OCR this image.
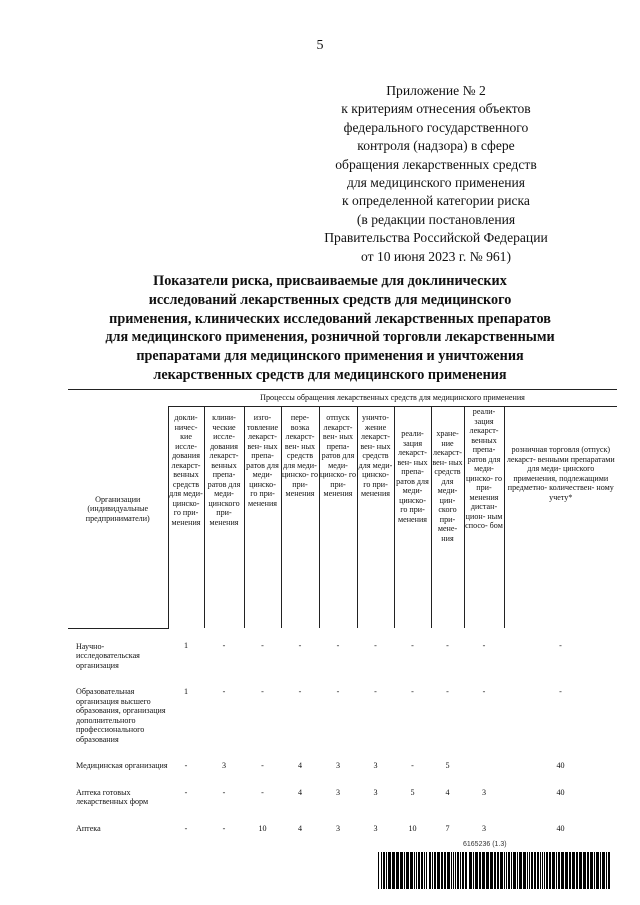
5
Приложение № 2
к критериям отнесения объектов
федерального государственного
контроля (надзора) в сфере
обращения лекарственных средств
для медицинского применения
к определенной категории риска
(в редакции постановления
Правительства Российской Федерации
от 10 июня 2023 г. № 961)
Показатели риска, присваиваемые для доклинических
исследований лекарственных средств для медицинского
применения, клинических исследований лекарственных препаратов
для медицинского применения, розничной торговли лекарственными
препаратами для медицинского применения и уничтожения
лекарственных средств для медицинского применения
Организации (индивидуальные предприниматели)	Процессы обращения лекарственных средств для медицинского применения									
	докли- ничес- кие иссле- дования лекарст- венных средств для меди- цинско- го при- менения	клини- ческие иссле- дования лекарст- венных препа- ратов для меди- цинского при- менения	изго- товление лекарст- вен- ных препа- ратов для меди- цинско- го при- менения	пере- возка лекарст- вен- ных средств для меди- цинско- го при- менения	отпуск лекарст- вен- ных препа- ратов для меди- цинско- го при- менения	уничто- жение лекарст- вен- ных средств для меди- цинско- го при- менения	реали- зация лекарст- вен- ных препа- ратов для меди- цинско- го при- менения	хране- ние лекарст- вен- ных средств для меди- цин- ского при- мене- ния	реали- зация лекарст- венных препа- ратов для меди- цинско- го при- менения дистан- цион- ным спосо- бом	розничная торговля (отпуск) лекарст- венными препаратами для меди- цинского применения, подлежащими предметно- количествен- ному учету*
Научно-исследовательская организация	1	-	-	-	-	-	-	-	-	-
Образовательная организация высшего образования, организация дополнительного профессионального образования	1	-	-	-	-	-	-	-	-	-
Медицинская организация	-	3	-	4	3	3	-	5		40
Аптека готовых лекарственных форм	-	-	-	4	3	3	5	4	3	40
Аптека	-	-	10	4	3	3	10	7	3	40
6165236 (1.3)
